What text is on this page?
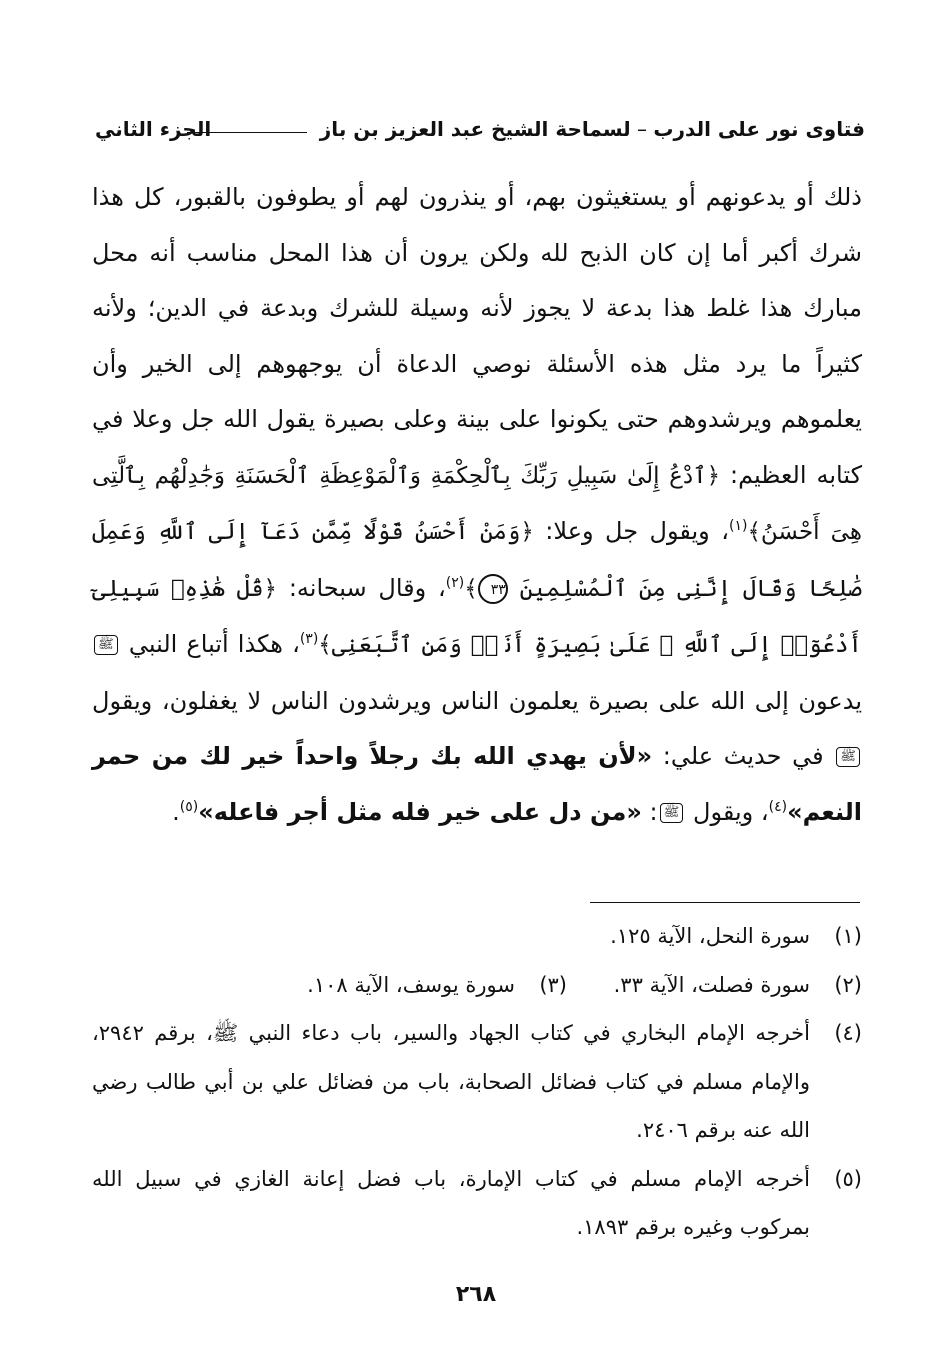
فتاوى نور على الدرب – لسماحة الشيخ عبد العزيز بن باز
الجزء الثاني
ذلك أو يدعونهم أو يستغيثون بهم، أو ينذرون لهم أو يطوفون بالقبور، كل هذا شرك أكبر أما إن كان الذبح لله ولكن يرون أن هذا المحل مناسب أنه محل مبارك هذا غلط هذا بدعة لا يجوز لأنه وسيلة للشرك وبدعة في الدين؛ ولأنه كثيراً ما يرد مثل هذه الأسئلة نوصي الدعاة أن يوجهوهم إلى الخير وأن يعلموهم ويرشدوهم حتى يكونوا على بينة وعلى بصيرة يقول الله جل وعلا في كتابه العظيم: ﴿ٱدْعُ إِلَىٰ سَبِيلِ رَبِّكَ بِٱلْحِكْمَةِ وَٱلْمَوْعِظَةِ ٱلْحَسَنَةِ وَجَٰدِلْهُم بِٱلَّتِى هِىَ أَحْسَنُ﴾$^{(١)}$، ويقول جل وعلا: ﴿وَمَنْ أَحْسَنُ قَوْلًا مِّمَّن دَعَآ إِلَى ٱللَّهِ وَعَمِلَ صَٰلِحًا وَقَالَ إِنَّنِى مِنَ ٱلْمُسْلِمِينَ ٣٣﴾$^{(٢)}$، وقال سبحانه: ﴿قُلْ هَٰذِهِۦ سَبِيلِىٓ أَدْعُوٓا۟ إِلَى ٱللَّهِ ۚ عَلَىٰ بَصِيرَةٍ أَنَا۠ وَمَنِ ٱتَّبَعَنِى﴾$^{(٣)}$، هكذا أتباع النبي ﷺ يدعون إلى الله على بصيرة يعلمون الناس ويرشدون الناس لا يغفلون، ويقول ﷺ في حديث علي: «لأن يهدي الله بك رجلاً واحداً خير لك من حمر النعم»$^{(٤)}$، ويقول ﷺ: «من دل على خير فله مثل أجر فاعله»$^{(٥)}$.
(١)
سورة النحل، الآية ١٢٥.
(٢)
سورة فصلت، الآية ٣٣.
(٣)
سورة يوسف، الآية ١٠٨.
(٤)
أخرجه الإمام البخاري في كتاب الجهاد والسير، باب دعاء النبي ﷺ، برقم ٢٩٤٢، والإمام مسلم في كتاب فضائل الصحابة، باب من فضائل علي بن أبي طالب رضي الله عنه برقم ٢٤٠٦.
(٥)
أخرجه الإمام مسلم في كتاب الإمارة، باب فضل إعانة الغازي في سبيل الله بمركوب وغيره برقم ١٨٩٣.
٢٦٨
